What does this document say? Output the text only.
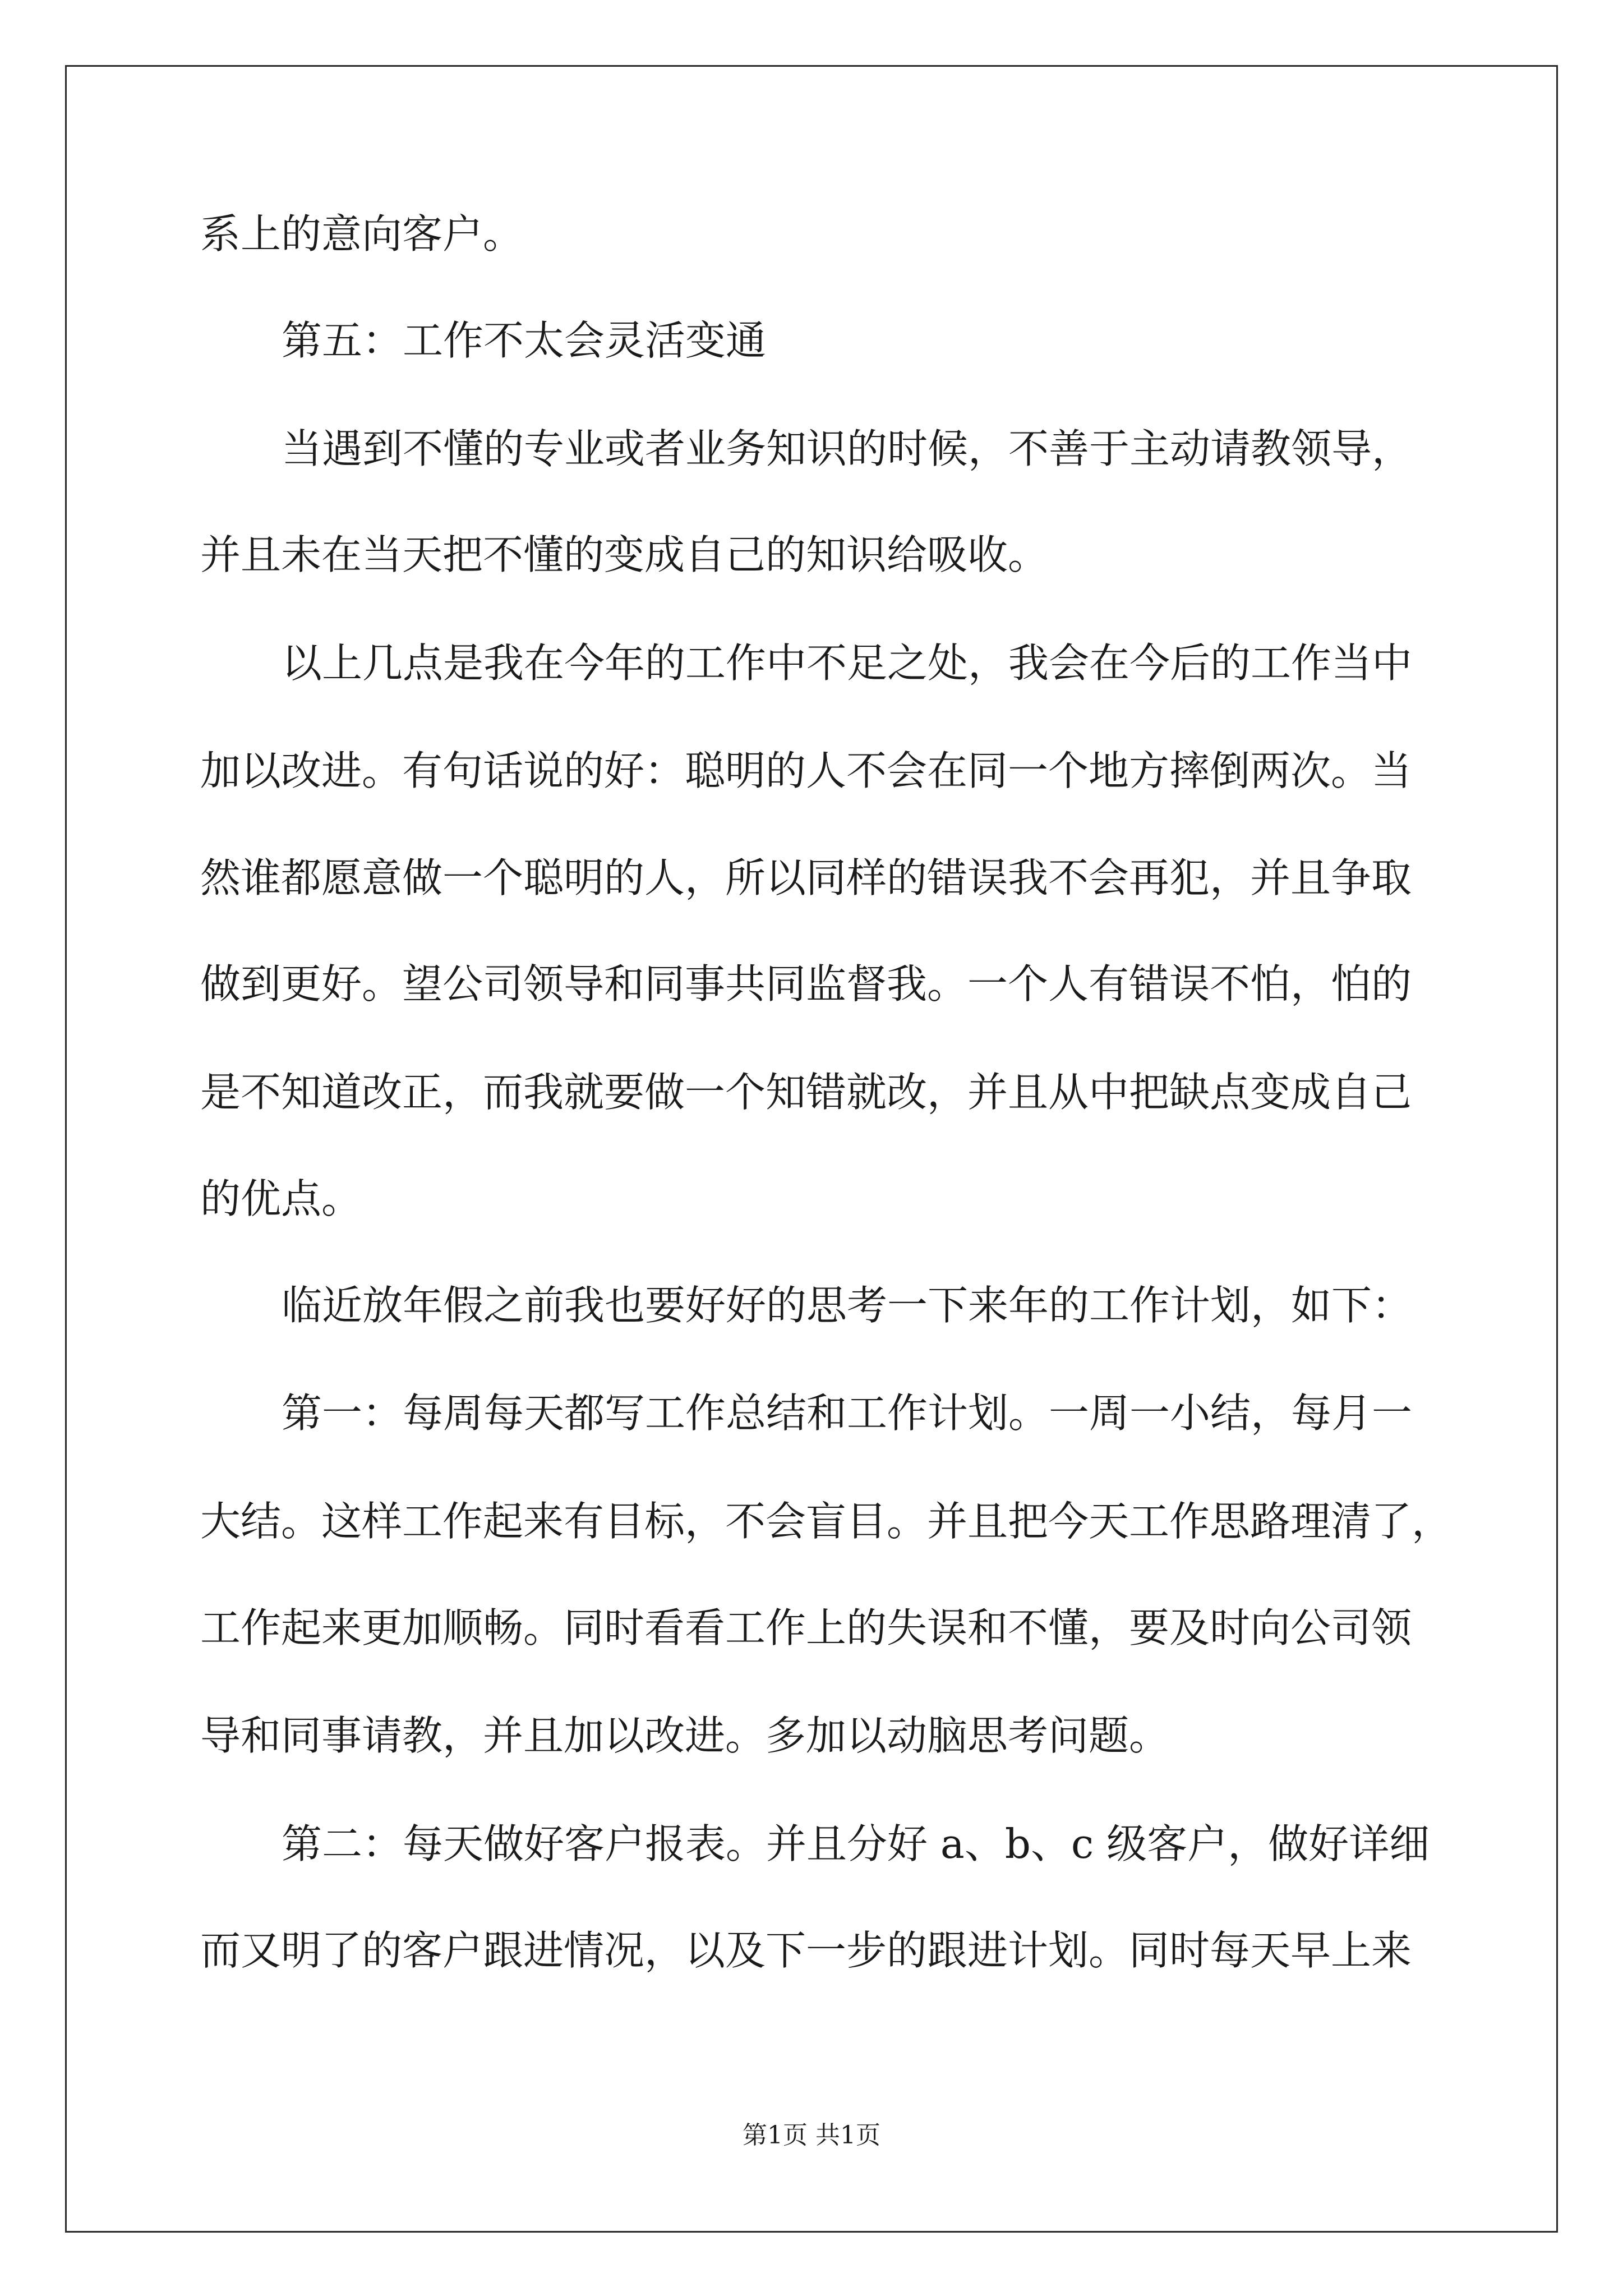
系上的意向客户。
第五：工作不太会灵活变通
当遇到不懂的专业或者业务知识的时候，不善于主动请教领导，
并且未在当天把不懂的变成自己的知识给吸收。
以上几点是我在今年的工作中不足之处，我会在今后的工作当中
加以改进。有句话说的好：聪明的人不会在同一个地方摔倒两次。当
然谁都愿意做一个聪明的人，所以同样的错误我不会再犯，并且争取
做到更好。望公司领导和同事共同监督我。一个人有错误不怕，怕的
是不知道改正，而我就要做一个知错就改，并且从中把缺点变成自己
的优点。
临近放年假之前我也要好好的思考一下来年的工作计划，如下：
第一：每周每天都写工作总结和工作计划。一周一小结，每月一
大结。这样工作起来有目标，不会盲目。并且把今天工作思路理清了，
工作起来更加顺畅。同时看看工作上的失误和不懂，要及时向公司领
导和同事请教，并且加以改进。多加以动脑思考问题。
第二：每天做好客户报表。并且分好 a、b、c 级客户，做好详细
而又明了的客户跟进情况，以及下一步的跟进计划。同时每天早上来
第1页 共1页
